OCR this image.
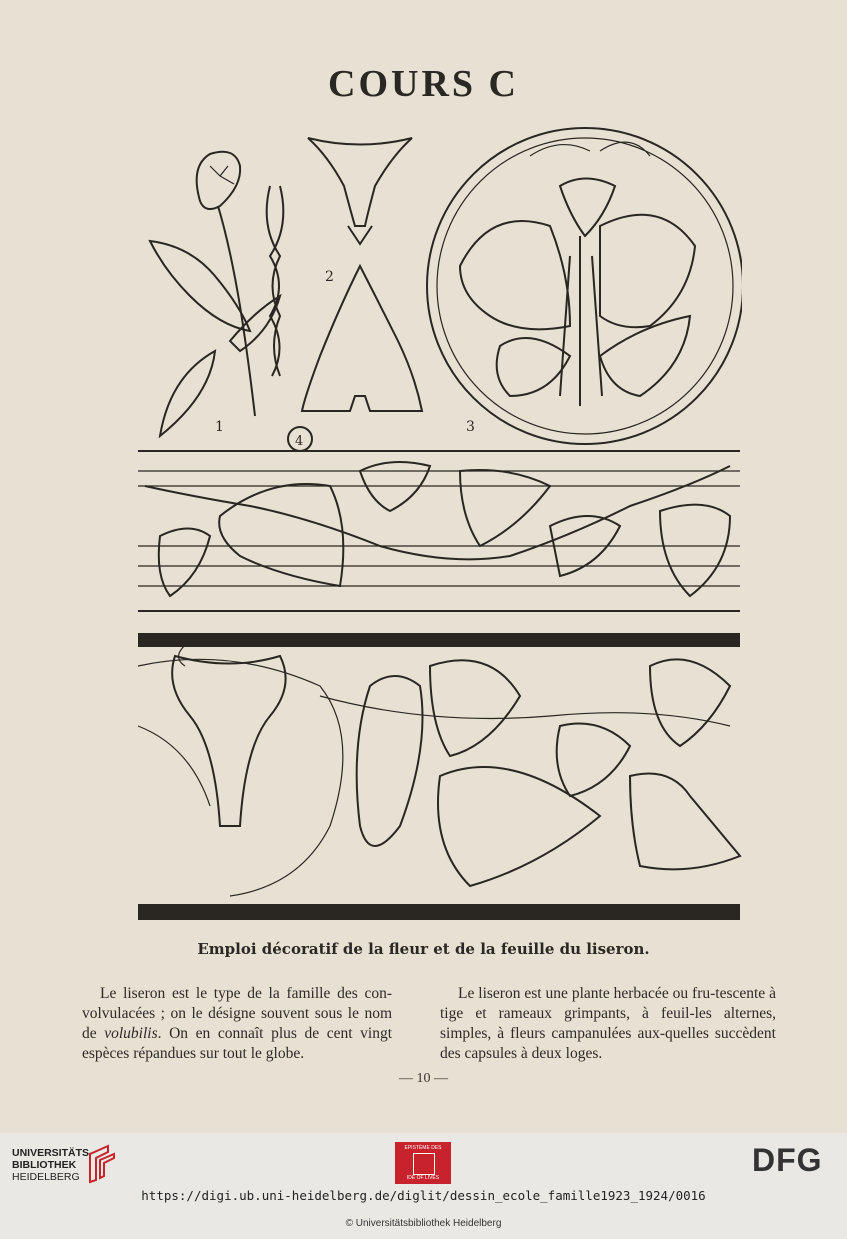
COURS C
1
2
3
4
5
Emploi décoratif de la fleur et de la feuille du liseron.
Le liseron est le type de la famille des con-volvulacées ; on le désigne souvent sous le nom de volubilis. On en connaît plus de cent vingt espèces répandues sur tout le globe.
Le liseron est une plante herbacée ou fru-tescente à tige et rameaux grimpants, à feuil-les alternes, simples, à fleurs campanulées aux-quelles succèdent des capsules à deux loges.
— 10 —
UNIVERSITÄTS-
BIBLIOTHEK
HEIDELBERG
EPISTÈME DES
IDE OF LIVES	DFG
https://digi.ub.uni-heidelberg.de/diglit/dessin_ecole_famille1923_1924/0016
© Universitätsbibliothek Heidelberg
